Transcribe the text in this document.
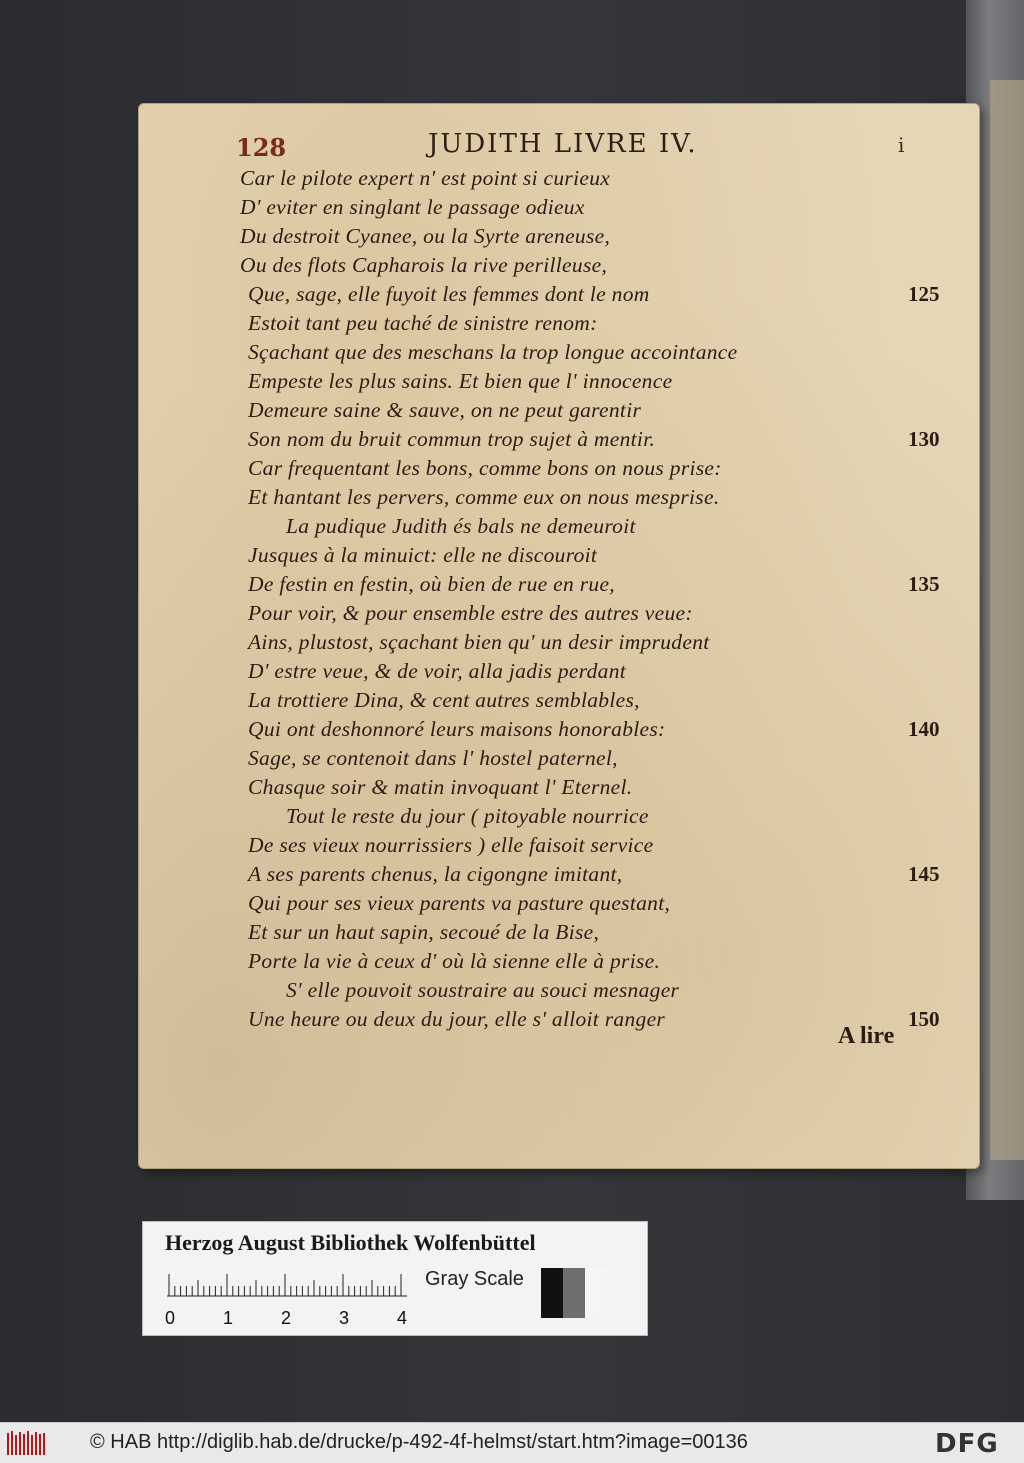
128	JUDITH LIVRE IV.	i
Car le pilote expert n' est point si curieux
D' eviter en singlant le passage odieux
Du destroit Cyanee, ou la Syrte areneuse,
Ou des flots Capharois la rive perilleuse,
Que, sage, elle fuyoit les femmes dont le nom
Estoit tant peu taché de sinistre renom:
Sçachant que des meschans la trop longue accointance
Empeste les plus sains. Et bien que l' innocence
Demeure saine & sauve, on ne peut garentir
Son nom du bruit commun trop sujet à mentir.
Car frequentant les bons, comme bons on nous prise:
Et hantant les pervers, comme eux on nous mesprise.
La pudique Judith és bals ne demeuroit
Jusques à la minuict: elle ne discouroit
De festin en festin, où bien de rue en rue,
Pour voir, & pour ensemble estre des autres veue:
Ains, plustost, sçachant bien qu' un desir imprudent
D' estre veue, & de voir, alla jadis perdant
La trottiere Dina, & cent autres semblables,
Qui ont deshonnoré leurs maisons honorables:
Sage, se contenoit dans l' hostel paternel,
Chasque soir & matin invoquant l' Eternel.
Tout le reste du jour ( pitoyable nourrice
De ses vieux nourrissiers ) elle faisoit service
A ses parents chenus, la cigongne imitant,
Qui pour ses vieux parents va pasture questant,
Et sur un haut sapin, secoué de la Bise,
Porte la vie à ceux d' où là sienne elle à prise.
S' elle pouvoit soustraire au souci mesnager
Une heure ou deux du jour, elle s' alloit ranger
125
130
135
140
145
150
A lire
Herzog August Bibliothek Wolfenbüttel
Gray Scale
0	1	2	3	4
© HAB http://diglib.hab.de/drucke/p-492-4f-helmst/start.htm?image=00136	DFG
